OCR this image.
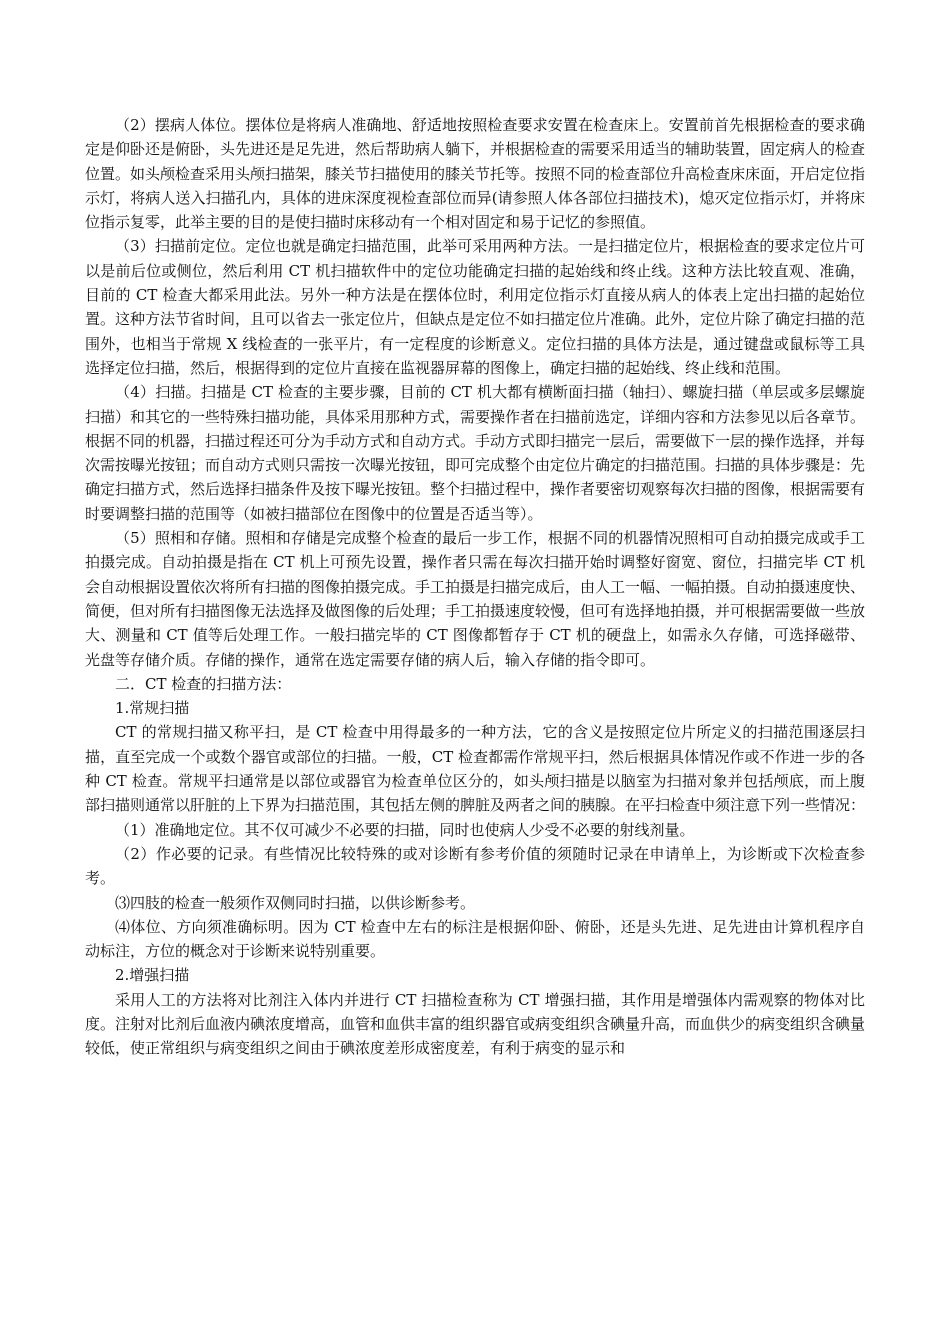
（2）摆病人体位。摆体位是将病人准确地、舒适地按照检查要求安置在检查床上。安置前首先根据检查的要求确定是仰卧还是俯卧，头先进还是足先进，然后帮助病人躺下，并根据检查的需要采用适当的辅助装置，固定病人的检查位置。如头颅检查采用头颅扫描架，膝关节扫描使用的膝关节托等。按照不同的检查部位升高检查床床面，开启定位指示灯，将病人送入扫描孔内，具体的进床深度视检查部位而异(请参照人体各部位扫描技术)，熄灭定位指示灯，并将床位指示复零，此举主要的目的是使扫描时床移动有一个相对固定和易于记忆的参照值。

（3）扫描前定位。定位也就是确定扫描范围，此举可采用两种方法。一是扫描定位片，根据检查的要求定位片可以是前后位或侧位，然后利用 CT 机扫描软件中的定位功能确定扫描的起始线和终止线。这种方法比较直观、准确，目前的 CT 检查大都采用此法。另外一种方法是在摆体位时，利用定位指示灯直接从病人的体表上定出扫描的起始位置。这种方法节省时间，且可以省去一张定位片，但缺点是定位不如扫描定位片准确。此外，定位片除了确定扫描的范围外，也相当于常规 X 线检查的一张平片，有一定程度的诊断意义。定位扫描的具体方法是，通过键盘或鼠标等工具选择定位扫描，然后，根据得到的定位片直接在监视器屏幕的图像上，确定扫描的起始线、终止线和范围。

（4）扫描。扫描是 CT 检查的主要步骤，目前的 CT 机大都有横断面扫描（轴扫）、螺旋扫描（单层或多层螺旋扫描）和其它的一些特殊扫描功能，具体采用那种方式，需要操作者在扫描前选定，详细内容和方法参见以后各章节。根据不同的机器，扫描过程还可分为手动方式和自动方式。手动方式即扫描完一层后，需要做下一层的操作选择，并每次需按曝光按钮；而自动方式则只需按一次曝光按钮，即可完成整个由定位片确定的扫描范围。扫描的具体步骤是：先确定扫描方式，然后选择扫描条件及按下曝光按钮。整个扫描过程中，操作者要密切观察每次扫描的图像，根据需要有时要调整扫描的范围等（如被扫描部位在图像中的位置是否适当等）。

（5）照相和存储。照相和存储是完成整个检查的最后一步工作，根据不同的机器情况照相可自动拍摄完成或手工拍摄完成。自动拍摄是指在 CT 机上可预先设置，操作者只需在每次扫描开始时调整好窗宽、窗位，扫描完毕 CT 机会自动根据设置依次将所有扫描的图像拍摄完成。手工拍摄是扫描完成后，由人工一幅、一幅拍摄。自动拍摄速度快、简便，但对所有扫描图像无法选择及做图像的后处理；手工拍摄速度较慢，但可有选择地拍摄，并可根据需要做一些放大、测量和 CT 值等后处理工作。一般扫描完毕的 CT 图像都暂存于 CT 机的硬盘上，如需永久存储，可选择磁带、光盘等存储介质。存储的操作，通常在选定需要存储的病人后，输入存储的指令即可。

二．CT 检查的扫描方法：

1.常规扫描

CT 的常规扫描又称平扫，是 CT 检查中用得最多的一种方法，它的含义是按照定位片所定义的扫描范围逐层扫描，直至完成一个或数个器官或部位的扫描。一般，CT 检查都需作常规平扫，然后根据具体情况作或不作进一步的各种 CT 检查。常规平扫通常是以部位或器官为检查单位区分的，如头颅扫描是以脑室为扫描对象并包括颅底，而上腹部扫描则通常以肝脏的上下界为扫描范围，其包括左侧的脾脏及两者之间的胰腺。在平扫检查中须注意下列一些情况：

（1）准确地定位。其不仅可减少不必要的扫描，同时也使病人少受不必要的射线剂量。

（2）作必要的记录。有些情况比较特殊的或对诊断有参考价值的须随时记录在申请单上，为诊断或下次检查参考。

⑶四肢的检查一般须作双侧同时扫描，以供诊断参考。

⑷体位、方向须准确标明。因为 CT 检查中左右的标注是根据仰卧、俯卧，还是头先进、足先进由计算机程序自动标注，方位的概念对于诊断来说特别重要。

2.增强扫描

采用人工的方法将对比剂注入体内并进行 CT 扫描检查称为 CT 增强扫描，其作用是增强体内需观察的物体对比度。注射对比剂后血液内碘浓度增高，血管和血供丰富的组织器官或病变组织含碘量升高，而血供少的病变组织含碘量较低，使正常组织与病变组织之间由于碘浓度差形成密度差，有利于病变的显示和
